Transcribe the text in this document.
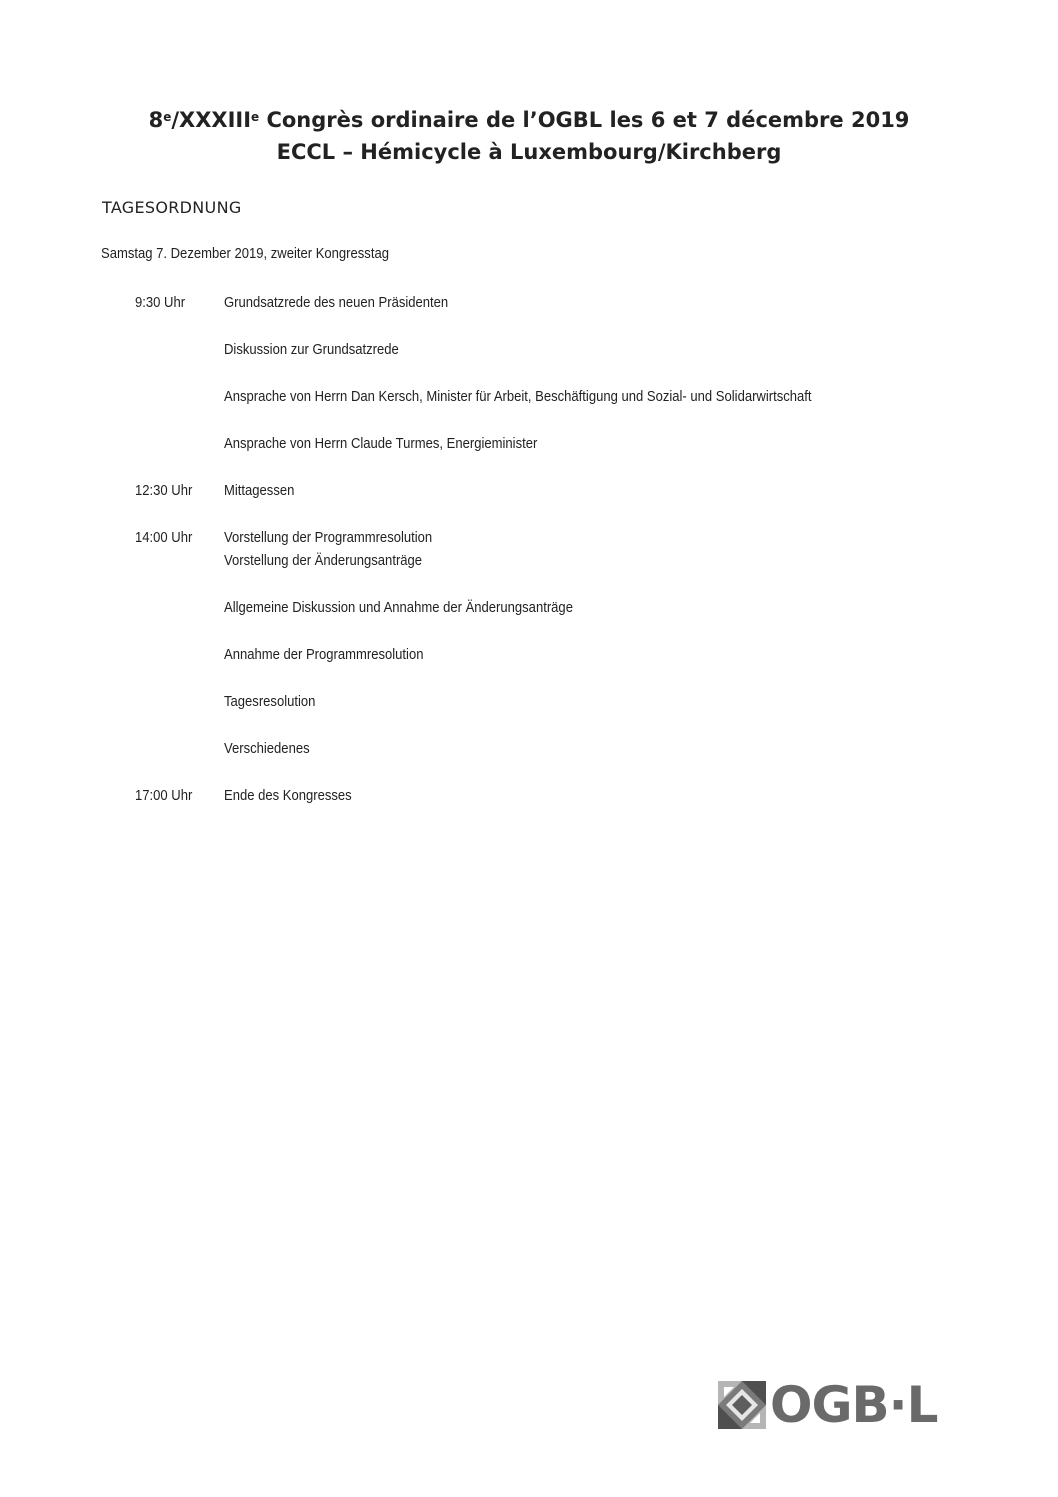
8e/XXXIIIe Congrès ordinaire de l’OGBL les 6 et 7 décembre 2019
ECCL – Hémicycle à Luxembourg/Kirchberg
TAGESORDNUNG
Samstag 7. Dezember 2019, zweiter Kongresstag
9:30 Uhr	Grundsatzrede des neuen Präsidenten
Diskussion zur Grundsatzrede
Ansprache von Herrn Dan Kersch, Minister für Arbeit, Beschäftigung und Sozial- und Solidarwirtschaft
Ansprache von Herrn Claude Turmes, Energieminister
12:30 Uhr Mittagessen
14:00 Uhr Vorstellung der Programmresolution
Vorstellung der Änderungsanträge
Allgemeine Diskussion und Annahme der Änderungsanträge
Annahme der Programmresolution
Tagesresolution
Verschiedenes
17:00 Uhr Ende des Kongresses
OGB·L
